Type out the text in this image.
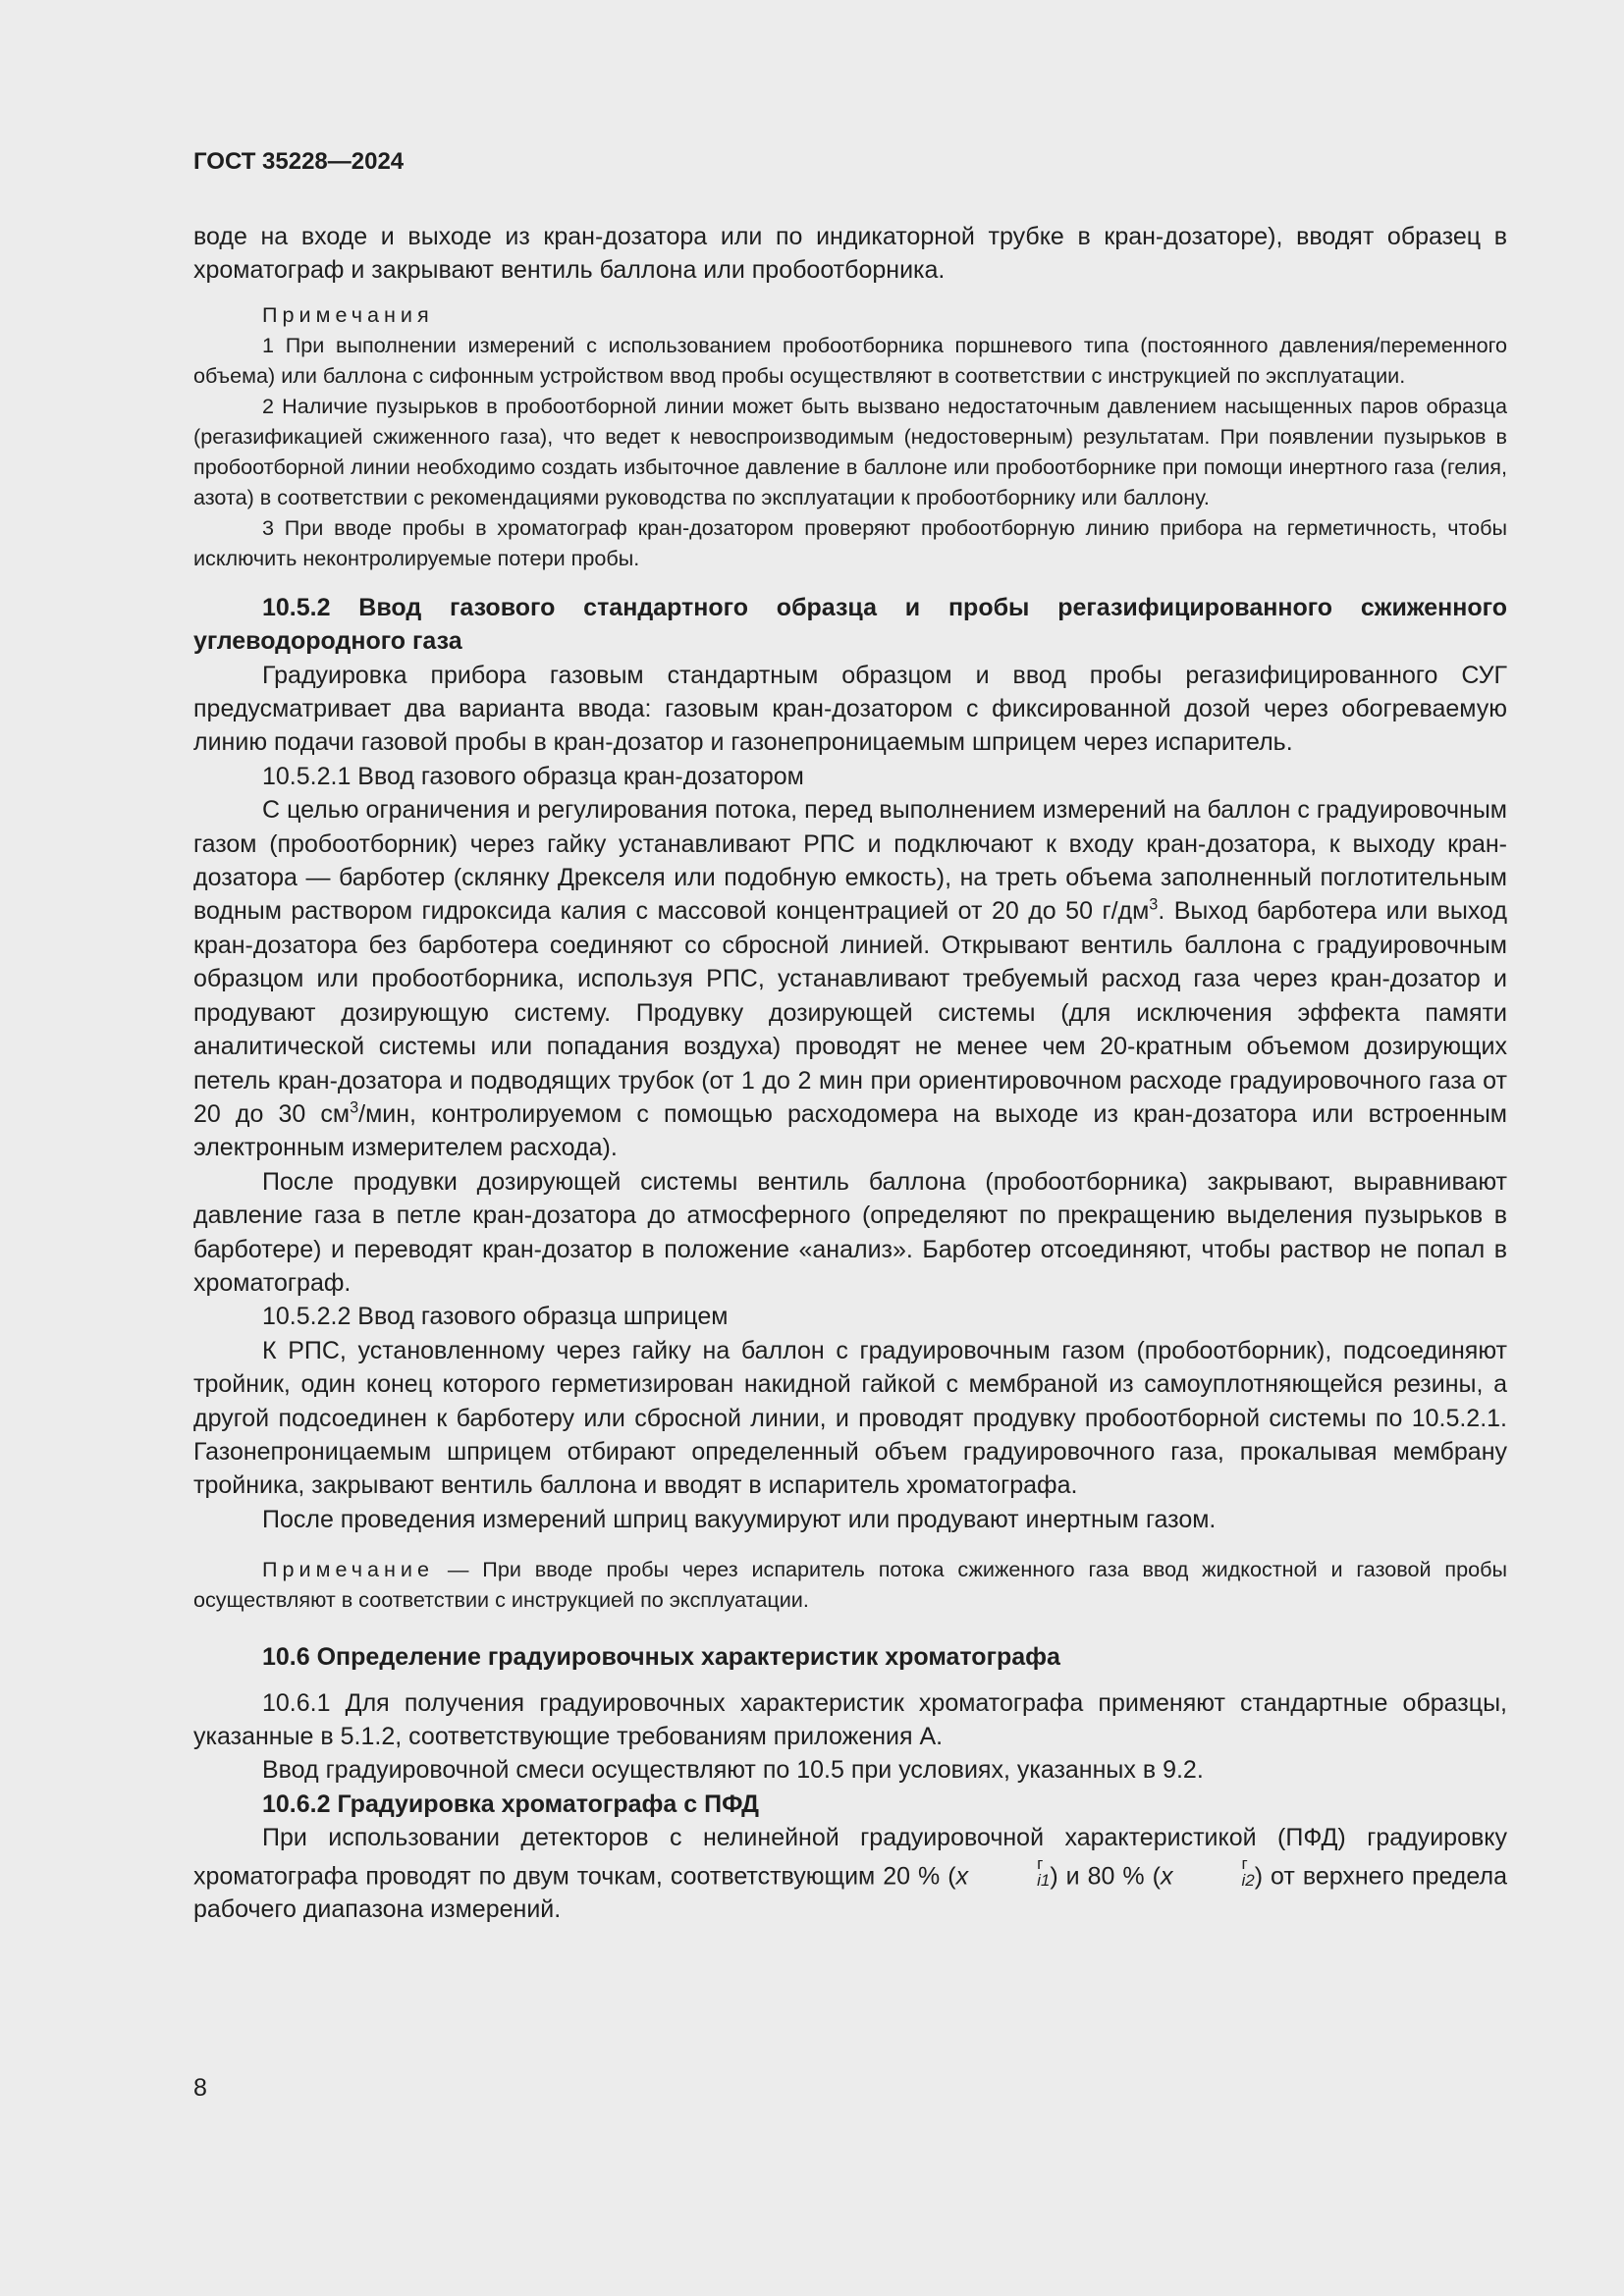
ГОСТ 35228—2024

воде на входе и выходе из кран-дозатора или по индикаторной трубке в кран-дозаторе), вводят образец в хроматограф и закрывают вентиль баллона или пробоотборника.

Примечания

1 При выполнении измерений с использованием пробоотборника поршневого типа (постоянного давления/переменного объема) или баллона с сифонным устройством ввод пробы осуществляют в соответствии с инструкцией по эксплуатации.

2 Наличие пузырьков в пробоотборной линии может быть вызвано недостаточным давлением насыщенных паров образца (регазификацией сжиженного газа), что ведет к невоспроизводимым (недостоверным) результатам. При появлении пузырьков в пробоотборной линии необходимо создать избыточное давление в баллоне или пробоотборнике при помощи инертного газа (гелия, азота) в соответствии с рекомендациями руководства по эксплуатации к пробоотборнику или баллону.

3 При вводе пробы в хроматограф кран-дозатором проверяют пробоотборную линию прибора на герметичность, чтобы исключить неконтролируемые потери пробы.

10.5.2 Ввод газового стандартного образца и пробы регазифицированного сжиженного углеводородного газа

Градуировка прибора газовым стандартным образцом и ввод пробы регазифицированного СУГ предусматривает два варианта ввода: газовым кран-дозатором с фиксированной дозой через обогреваемую линию подачи газовой пробы в кран-дозатор и газонепроницаемым шприцем через испаритель.

10.5.2.1 Ввод газового образца кран-дозатором

С целью ограничения и регулирования потока, перед выполнением измерений на баллон с градуировочным газом (пробоотборник) через гайку устанавливают РПС и подключают к входу кран-дозатора, к выходу кран-дозатора — барботер (склянку Дрекселя или подобную емкость), на треть объема заполненный поглотительным водным раствором гидроксида калия с массовой концентрацией от 20 до 50 $г/дм^3$. Выход барботера или выход кран-дозатора без барботера соединяют со сбросной линией. Открывают вентиль баллона с градуировочным образцом или пробоотборника, используя РПС, устанавливают требуемый расход газа через кран-дозатор и продувают дозирующую систему. Продувку дозирующей системы (для исключения эффекта памяти аналитической системы или попадания воздуха) проводят не менее чем 20-кратным объемом дозирующих петель кран-дозатора и подводящих трубок (от 1 до 2 мин при ориентировочном расходе градуировочного газа от 20 до 30 $см^3$/мин, контролируемом с помощью расходомера на выходе из кран-дозатора или встроенным электронным измерителем расхода).

После продувки дозирующей системы вентиль баллона (пробоотборника) закрывают, выравнивают давление газа в петле кран-дозатора до атмосферного (определяют по прекращению выделения пузырьков в барботере) и переводят кран-дозатор в положение «анализ». Барботер отсоединяют, чтобы раствор не попал в хроматограф.

10.5.2.2 Ввод газового образца шприцем

К РПС, установленному через гайку на баллон с градуировочным газом (пробоотборник), подсоединяют тройник, один конец которого герметизирован накидной гайкой с мембраной из самоуплотняющейся резины, а другой подсоединен к барботеру или сбросной линии, и проводят продувку пробоотборной системы по 10.5.2.1. Газонепроницаемым шприцем отбирают определенный объем градуировочного газа, прокалывая мембрану тройника, закрывают вентиль баллона и вводят в испаритель хроматографа.

После проведения измерений шприц вакуумируют или продувают инертным газом.

Примечание — При вводе пробы через испаритель потока сжиженного газа ввод жидкостной и газовой пробы осуществляют в соответствии с инструкцией по эксплуатации.

10.6 Определение градуировочных характеристик хроматографа

10.6.1 Для получения градуировочных характеристик хроматографа применяют стандартные образцы, указанные в 5.1.2, соответствующие требованиям приложения А.

Ввод градуировочной смеси осуществляют по 10.5 при условиях, указанных в 9.2.

10.6.2 Градуировка хроматографа с ПФД

При использовании детекторов с нелинейной градуировочной характеристикой (ПФД) градуировку хроматографа проводят по двум точкам, соответствующим 20 % (x	г
i1 ) и 80 % (x	г
i2 ) от верхнего предела рабочего диапазона измерений.

8
